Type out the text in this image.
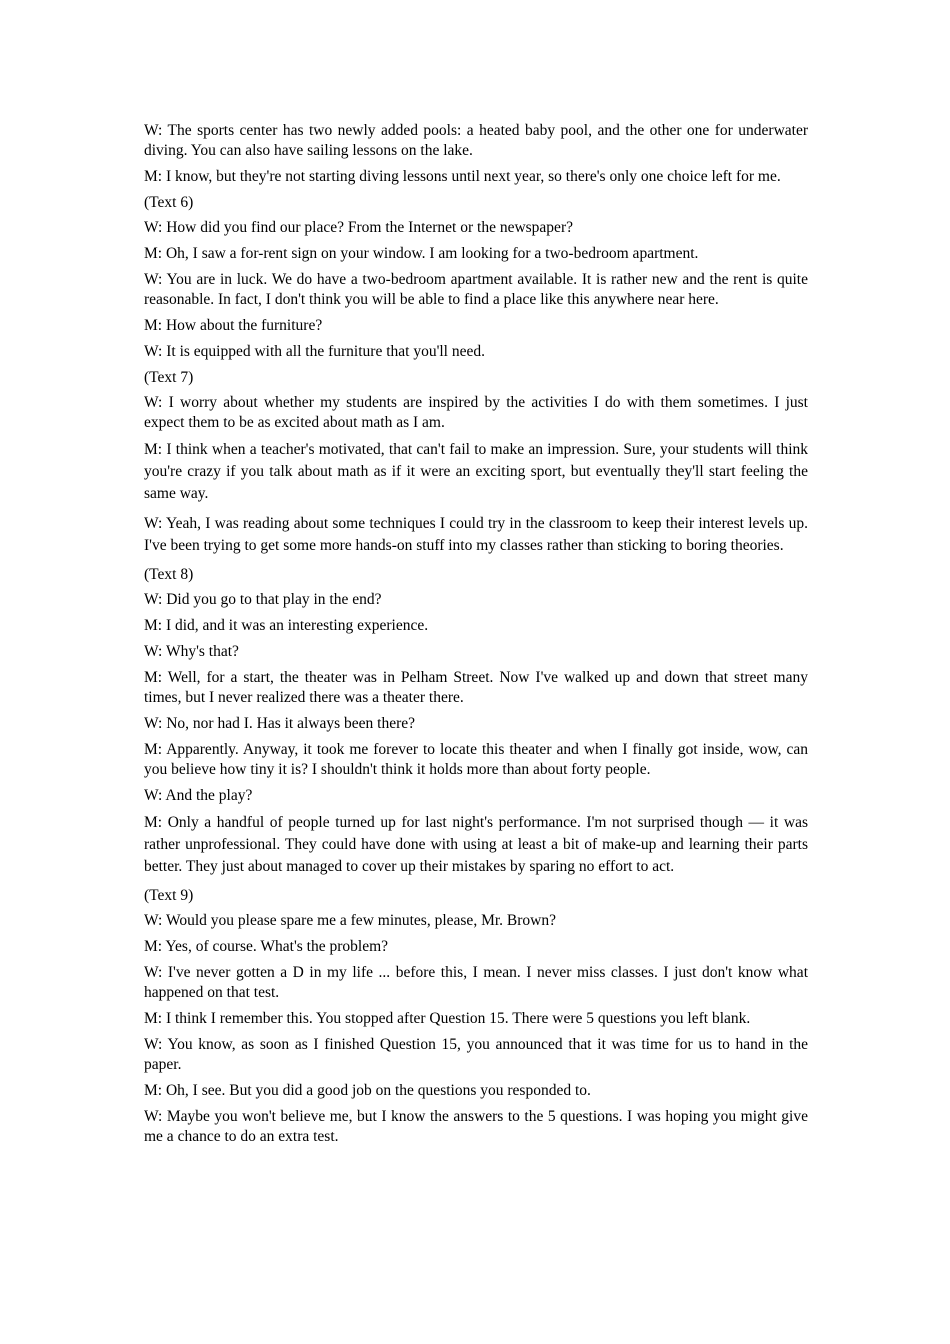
W: The sports center has two newly added pools: a heated baby pool, and the other one for underwater diving. You can also have sailing lessons on the lake.

M: I know, but they're not starting diving lessons until next year, so there's only one choice left for me.

(Text 6)

W: How did you find our place? From the Internet or the newspaper?

M: Oh, I saw a for-rent sign on your window. I am looking for a two-bedroom apartment.

W: You are in luck. We do have a two-bedroom apartment available. It is rather new and the rent is quite reasonable. In fact, I don't think you will be able to find a place like this anywhere near here.

M: How about the furniture?

W: It is equipped with all the furniture that you'll need.

(Text 7)

W: I worry about whether my students are inspired by the activities I do with them sometimes. I just expect them to be as excited about math as I am.

M: I think when a teacher's motivated, that can't fail to make an impression. Sure, your students will think you're crazy if you talk about math as if it were an exciting sport, but eventually they'll start feeling the same way.

W: Yeah, I was reading about some techniques I could try in the classroom to keep their interest levels up. I've been trying to get some more hands-on stuff into my classes rather than sticking to boring theories.

(Text 8)

W: Did you go to that play in the end?

M: I did, and it was an interesting experience.

W: Why's that?

M: Well, for a start, the theater was in Pelham Street. Now I've walked up and down that street many times, but I never realized there was a theater there.

W: No, nor had I. Has it always been there?

M: Apparently. Anyway, it took me forever to locate this theater and when I finally got inside, wow, can you believe how tiny it is? I shouldn't think it holds more than about forty people.

W: And the play?

M: Only a handful of people turned up for last night's performance. I'm not surprised though — it was rather unprofessional. They could have done with using at least a bit of make-up and learning their parts better. They just about managed to cover up their mistakes by sparing no effort to act.

(Text 9)

W: Would you please spare me a few minutes, please, Mr. Brown?

M: Yes, of course. What's the problem?

W: I've never gotten a D in my life ... before this, I mean. I never miss classes. I just don't know what happened on that test.

M: I think I remember this. You stopped after Question 15. There were 5 questions you left blank.

W: You know, as soon as I finished Question 15, you announced that it was time for us to hand in the paper.

M: Oh, I see. But you did a good job on the questions you responded to.

W: Maybe you won't believe me, but I know the answers to the 5 questions. I was hoping you might give me a chance to do an extra test.
